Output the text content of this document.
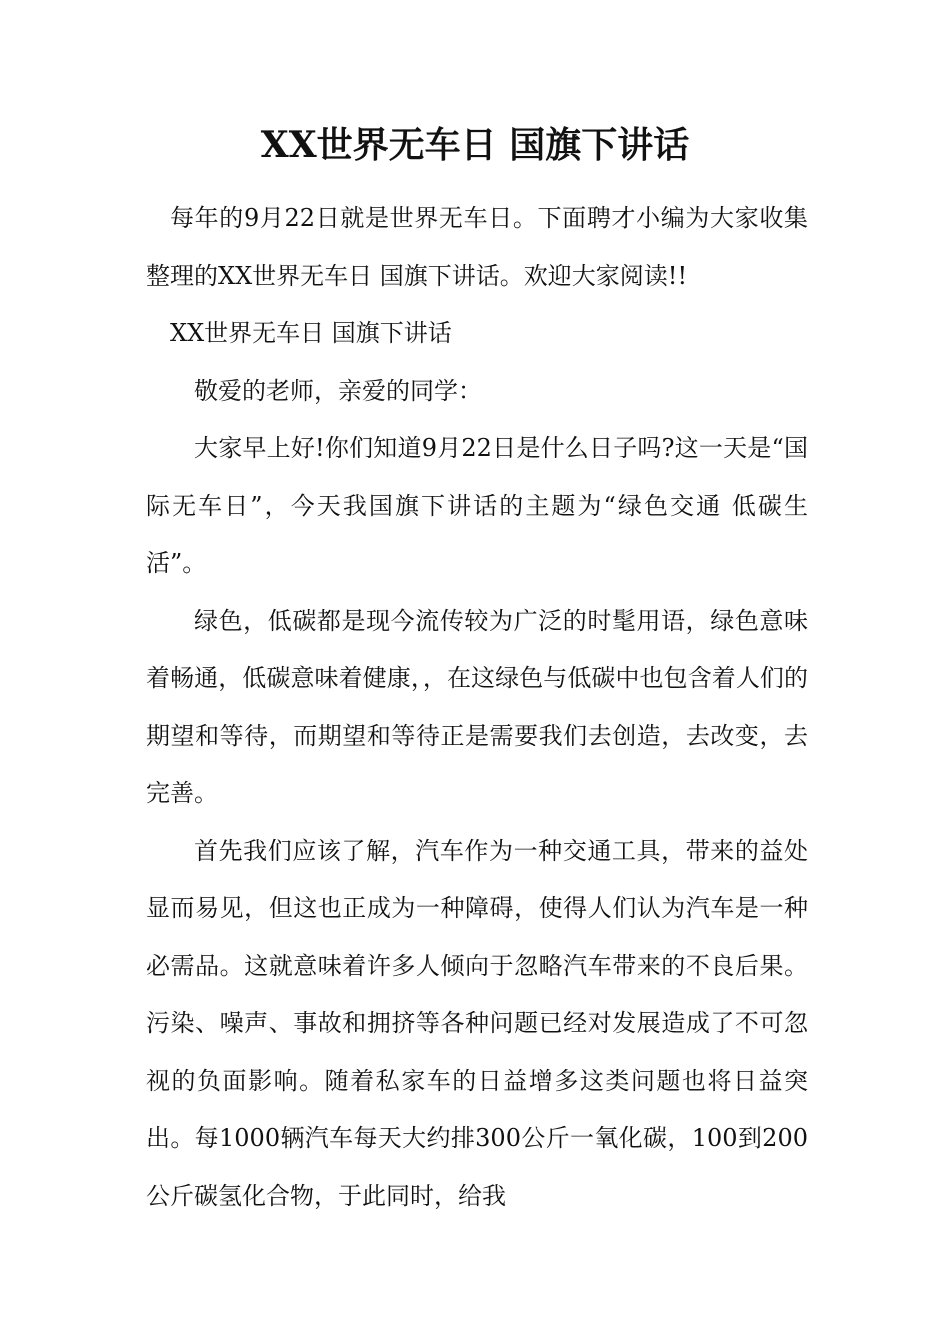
XX世界无车日 国旗下讲话

每年的9月22日就是世界无车日。下面聘才小编为大家收集整理的XX世界无车日 国旗下讲话。欢迎大家阅读!!

XX世界无车日 国旗下讲话

敬爱的老师，亲爱的同学：

大家早上好!你们知道9月22日是什么日子吗?这一天是“国际无车日”，今天我国旗下讲话的主题为“绿色交通 低碳生活”。

绿色，低碳都是现今流传较为广泛的时髦用语，绿色意味着畅通，低碳意味着健康，，在这绿色与低碳中也包含着人们的期望和等待，而期望和等待正是需要我们去创造，去改变，去完善。

首先我们应该了解，汽车作为一种交通工具，带来的益处显而易见，但这也正成为一种障碍，使得人们认为汽车是一种必需品。这就意味着许多人倾向于忽略汽车带来的不良后果。污染、噪声、事故和拥挤等各种问题已经对发展造成了不可忽视的负面影响。随着私家车的日益增多这类问题也将日益突出。每1000辆汽车每天大约排300公斤一氧化碳，100到200公斤碳氢化合物，于此同时，给我
